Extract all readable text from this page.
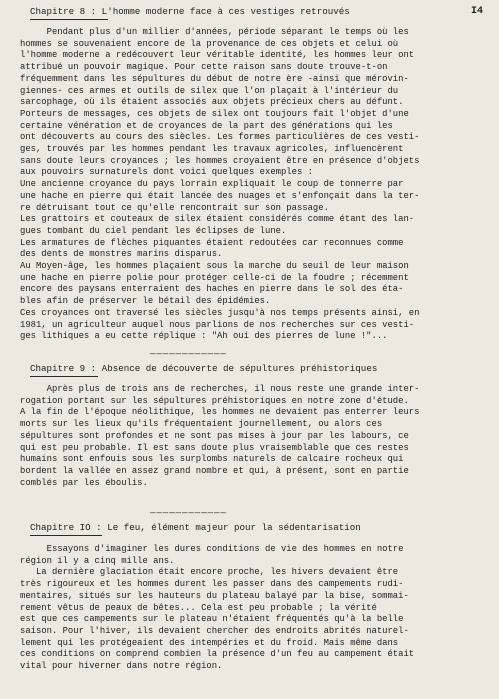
I4
Chapitre 8 : L'homme moderne face à ces vestiges retrouvés

Pendant plus d'un millier d'années, période séparant le temps où les

hommes se souvenaient encore de la provenance de ces objets et celui où

l'homme moderne a redécouvert leur véritable identité, les hommes leur ont

attribué un pouvoir magique. Pour cette raison sans doute trouve-t-on

fréquemment dans les sépultures du début de notre ère -ainsi que mérovin-

giennes- ces armes et outils de silex que l'on plaçait à l'intérieur du

sarcophage, où ils étaient associés aux objets précieux chers au défunt.

Porteurs de messages, ces objets de silex ont toujours fait l'objet d'une

certaine vénération et de croyances de la part des générations qui les

ont découverts au cours des siècles. Les formes particulières de ces vesti-

ges, trouvés par les hommes pendant les travaux agricoles, influencèrent

sans doute leurs croyances ; les hommes croyaient être en présence d'objets

aux pouvoirs surnaturels dont voici quelques exemples :

Une ancienne croyance du pays lorrain expliquait le coup de tonnerre par

une hache en pierre qui était lancée des nuages et s'enfonçait dans la ter-

re détruisant tout ce qu'elle rencontrait sur son passage.

Les grattoirs et couteaux de silex étaient considérés comme étant des lan-

gues tombant du ciel pendant les éclipses de lune.

Les armatures de flèches piquantes étaient redoutées car reconnues comme

des dents de monstres marins disparus.

Au Moyen-âge, les hommes plaçaient sous la marche du seuil de leur maison

une hache en pierre polie pour protéger celle-ci de la foudre ; récemment

encore des paysans enterraient des haches en pierre dans le sol des éta-

bles afin de préserver le bétail des épidémies.

Ces croyances ont traversé les siècles jusqu'à nos temps présents ainsi, en

1981, un agriculteur auquel nous parlions de nos recherches sur ces vesti-

ges lithiques a eu cette réplique : "Ah oui des pierres de lune !"...

————————————
Chapitre 9 : Absence de découverte de sépultures préhistoriques

Après plus de trois ans de recherches, il nous reste une grande inter-

rogation portant sur les sépultures préhistoriques en notre zone d'étude.

A la fin de l'époque néolithique, les hommes ne devaient pas enterrer leurs

morts sur les lieux qu'ils fréquentaient journellement, ou alors ces

sépultures sont profondes et ne sont pas mises à jour par les labours, ce

qui est peu probable. Il est sans doute plus vraisemblable que ces restes

humains sont enfouis sous les surplombs naturels de calcaire rocheux qui

bordent la vallée en assez grand nombre et qui, à présent, sont en partie

comblés par les éboulis.

————————————
Chapitre IO : Le feu, élément majeur pour la sédentarisation

Essayons d'imaginer les dures conditions de vie des hommes en notre

région il y a cinq mille ans.

La dernière glaciation était encore proche, les hivers devaient être

très rigoureux et les hommes durent les passer dans des campements rudi-

mentaires, situés sur les hauteurs du plateau balayé par la bise, sommai-

rement vêtus de peaux de bêtes... Cela est peu probable ; la vérité

est que ces campements sur le plateau n'étaient fréquentés qu'à la belle

saison. Pour l'hiver, ils devaient chercher des endroits abrités naturel-

lement qui les protégeaient des intempéries et du froid. Mais même dans

ces conditions on comprend combien la présence d'un feu au campement était

vital pour hiverner dans notre région.
